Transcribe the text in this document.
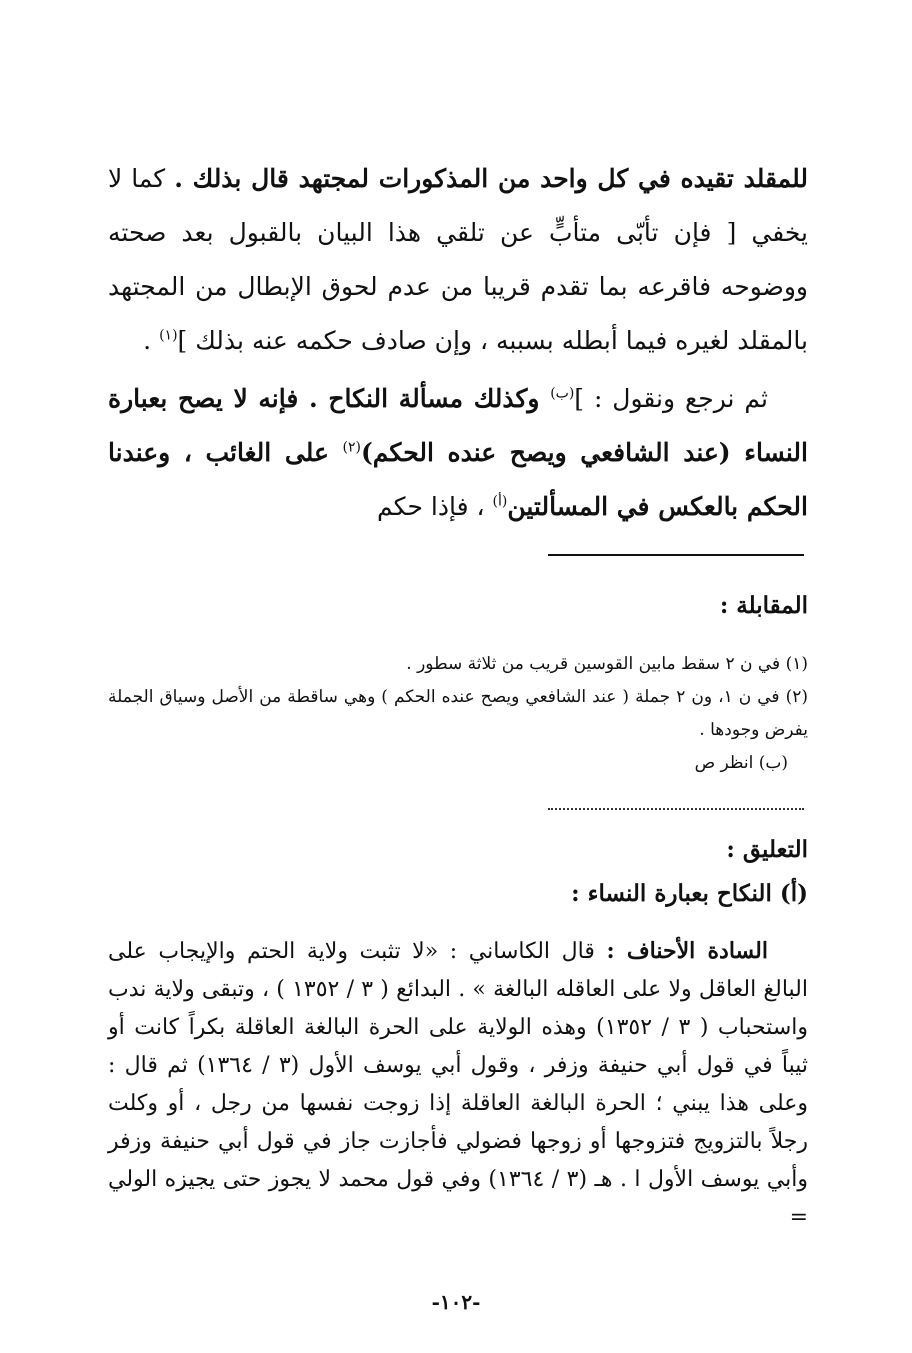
للمقلد تقيده في كل واحد من المذكورات لمجتهد قال بذلك . كما لا يخفي [ فإن تأبّى متأبٍّ عن تلقي هذا البيان بالقبول بعد صحته ووضوحه فاقرعه بما تقدم قريبا من عدم لحوق الإبطال من المجتهد بالمقلد لغيره فيما أبطله بسببه ، وإن صادف حكمه عنه بذلك ]$^{(١)}$ .
ثم نرجع ونقول : ]$^{(ب)}$ وكذلك مسألة النكاح . فإنه لا يصح بعبارة النساء (عند الشافعي ويصح عنده الحكم)$^{(٢)}$ على الغائب ، وعندنا الحكم بالعكس في المسألتين$^{(أ)}$ ، فإذا حكم
المقابلة :
(١) في ن ٢ سقط مابين القوسين قريب من ثلاثة سطور .
(٢) في ن ١، ون ٢ جملة ( عند الشافعي ويصح عنده الحكم ) وهي ساقطة من الأصل وسياق الجملة يفرض وجودها .
(ب) انظر ص
التعليق :
(أ) النكاح بعبارة النساء :
السادة الأحناف : قال الكاساني : «لا تثبت ولاية الحتم والإيجاب على البالغ العاقل ولا على العاقله البالغة » . البدائع ( ٣ / ١٣٥٢ ) ، وتبقى ولاية ندب واستحباب ( ٣ / ١٣٥٢) وهذه الولاية على الحرة البالغة العاقلة بكراً كانت أو ثيباً في قول أبي حنيفة وزفر ، وقول أبي يوسف الأول (٣ / ١٣٦٤) ثم قال : وعلى هذا يبني ؛ الحرة البالغة العاقلة إذا زوجت نفسها من رجل ، أو وكلت رجلاً بالتزويج فتزوجها أو زوجها فضولي فأجازت جاز في قول أبي حنيفة وزفر وأبي يوسف الأول ا . هـ (٣ / ١٣٦٤) وفي قول محمد لا يجوز حتى يجيزه الولي =
-١٠٢-
